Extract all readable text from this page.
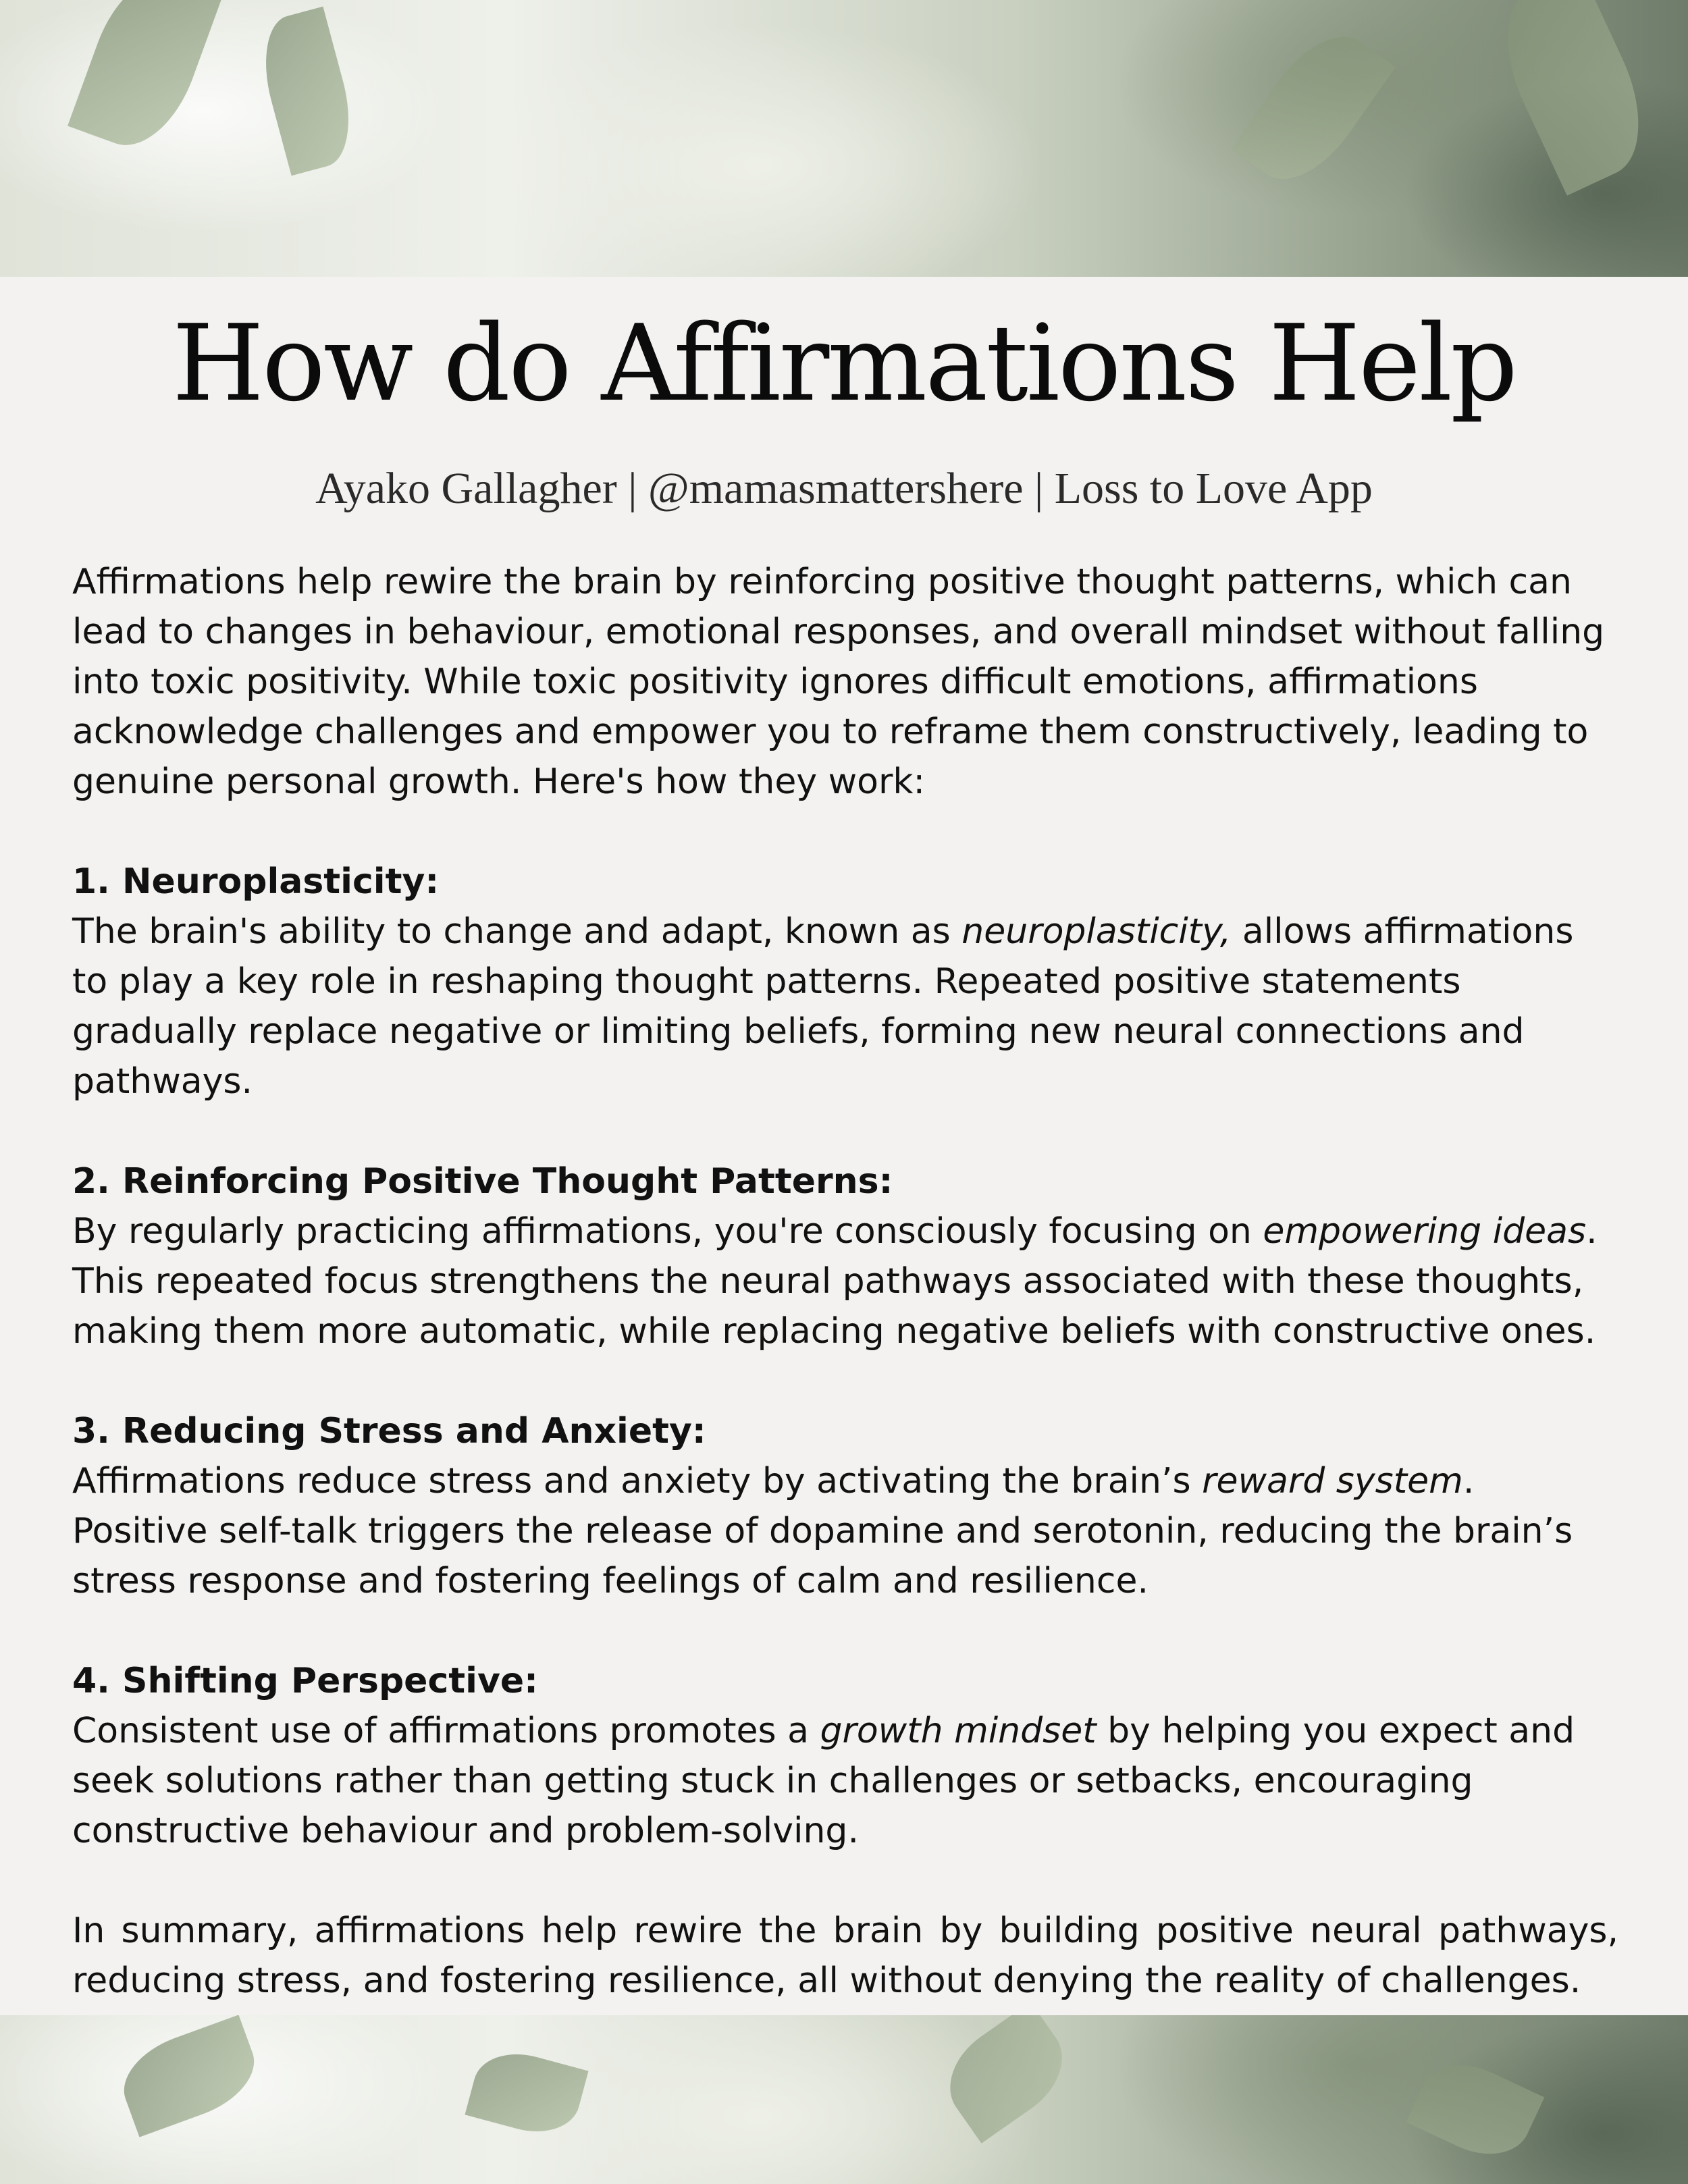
How do Affirmations Help
Ayako Gallagher | @mamasmattershere | Loss to Love App

Affirmations help rewire the brain by reinforcing positive thought patterns, which can lead to changes in behaviour, emotional responses, and overall mindset without falling into toxic positivity. While toxic positivity ignores difficult emotions, affirmations acknowledge challenges and empower you to reframe them constructively, leading to genuine personal growth. Here's how they work:

1. Neuroplasticity:
The brain's ability to change and adapt, known as neuroplasticity, allows affirmations to play a key role in reshaping thought patterns. Repeated positive statements gradually replace negative or limiting beliefs, forming new neural connections and pathways.
2. Reinforcing Positive Thought Patterns:
By regularly practicing affirmations, you're consciously focusing on empowering ideas. This repeated focus strengthens the neural pathways associated with these thoughts, making them more automatic, while replacing negative beliefs with constructive ones.
3. Reducing Stress and Anxiety:
Affirmations reduce stress and anxiety by activating the brain’s reward system. Positive self-talk triggers the release of dopamine and serotonin, reducing the brain’s stress response and fostering feelings of calm and resilience.
4. Shifting Perspective:
Consistent use of affirmations promotes a growth mindset by helping you expect and seek solutions rather than getting stuck in challenges or setbacks, encouraging constructive behaviour and problem-solving.

In summary, affirmations help rewire the brain by building positive neural pathways, reducing stress, and fostering resilience, all without denying the reality of challenges.
